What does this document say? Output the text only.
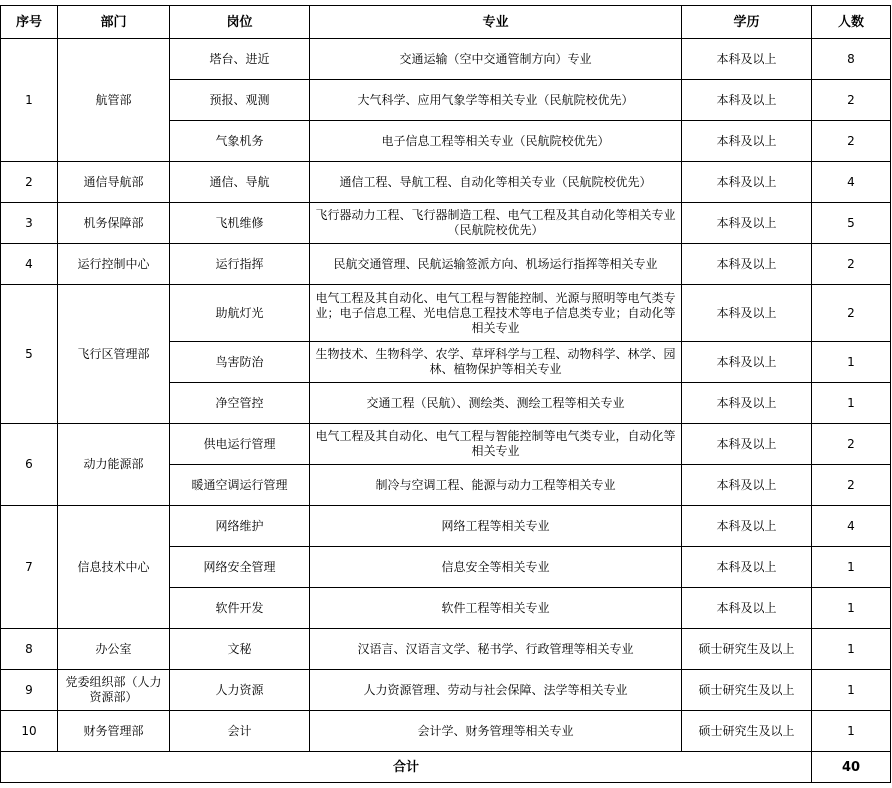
序号	部门	岗位	专业	学历	人数
1	航管部	塔台、进近	交通运输（空中交通管制方向）专业	本科及以上	8
		预报、观测	大气科学、应用气象学等相关专业（民航院校优先）	本科及以上	2
		气象机务	电子信息工程等相关专业（民航院校优先）	本科及以上	2
2	通信导航部	通信、导航	通信工程、导航工程、自动化等相关专业（民航院校优先）	本科及以上	4
3	机务保障部	飞机维修	飞行器动力工程、飞行器制造工程、电气工程及其自动化等相关专业（民航院校优先）	本科及以上	5
4	运行控制中心	运行指挥	民航交通管理、民航运输签派方向、机场运行指挥等相关专业	本科及以上	2
5	飞行区管理部	助航灯光	电气工程及其自动化、电气工程与智能控制、光源与照明等电气类专业；电子信息工程、光电信息工程技术等电子信息类专业；自动化等相关专业	本科及以上	2
		鸟害防治	生物技术、生物科学、农学、草坪科学与工程、动物科学、林学、园林、植物保护等相关专业	本科及以上	1
		净空管控	交通工程（民航）、测绘类、测绘工程等相关专业	本科及以上	1
6	动力能源部	供电运行管理	电气工程及其自动化、电气工程与智能控制等电气类专业，自动化等相关专业	本科及以上	2
		暖通空调运行管理	制冷与空调工程、能源与动力工程等相关专业	本科及以上	2
7	信息技术中心	网络维护	网络工程等相关专业	本科及以上	4
		网络安全管理	信息安全等相关专业	本科及以上	1
		软件开发	软件工程等相关专业	本科及以上	1
8	办公室	文秘	汉语言、汉语言文学、秘书学、行政管理等相关专业	硕士研究生及以上	1
9	党委组织部（人力资源部）	人力资源	人力资源管理、劳动与社会保障、法学等相关专业	硕士研究生及以上	1
10	财务管理部	会计	会计学、财务管理等相关专业	硕士研究生及以上	1
合计					40
